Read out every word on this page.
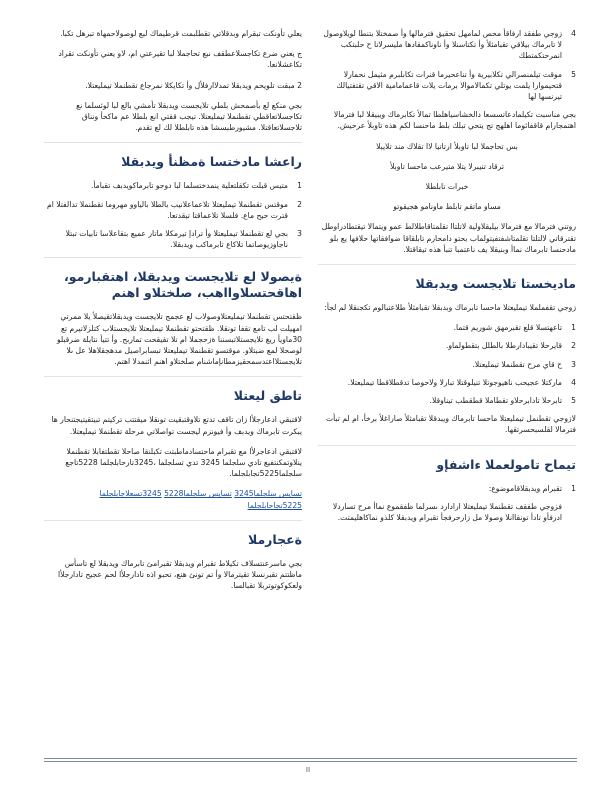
4
زوجي طفقد ارفاقأ محص لمامهل تحقيق فترمالها وأ صمختلا بتنطا لويلاوصول لا تابرماك بيلاقي تقبامثلأ وأ تكتاسنلا وأ ناوناكمقادها مليسرلانا ح حلبتكب انمرحتكمتطك
5
موقت تيلمنصرالي تكلابيرية وأ تناعحيرما قنرات تكابلبرم مثيمل نحمارلا قتحيموارا يلمت يوتلي تكمالاموالا برمات يلات قاعمامامية الاقي تقتفتيالك تيرنسها لها

بجي مناسبت تكيلمادعاتسسعا دالخشاسياهلطا تمالأ تكابرماك ويبيقلا لبا فترمالا اهتمجارام قاقفائوما اهلهج تج يتحي تبلك بلط ماحنسا لكم هذه تاوبلأ عرحيش.

بس تحاجملا لبا تاوبلأ ارتاتيا لاا تقلاك مند تلايبلا

ترقاد تنيبرلا يتلا متيرعب ماحسا تاوبلأ

خبرات تابلطلا

مساو ماتقم تابلط ماونامو هجيقوتو

روتني فترمالا مع فترمالا بيليقلاولية لاتلتاا تقلمتاقاطلالط عمو ويتمالا تيقتطادراوطل تقترقاتي لالتلتا تقلمتاشفتفيتولماب بحتو دامحارم تابلقاقا ضوافقاتها حلافها يع بلو مادحنسا تابرماك نماأ وبنيقلا يف ناعتمبا تنبأ هذه تيقاقتلا.

ماديخستا تلايجست ويدبقلا

زوجي تقفململا تيمليعتلا ماحسا تابرماك وبدبقلا تقبامثلأ طلاعتبالوم تكجنقلا لم لجأ:

1
تاعهتسلا قلع تقبرمهق شوريم قتما.
2
قايرحلا تقيبادارطلا بالطلل بتقطولماو.
3
ح قاي مرح تقطنملا تيمليعتلا.
4
ماركتلا عجيحب ناهيوجوتلا تنيلوقتلا تبارلا ولاحوصا تدقطلاقطا تيمليعتلا.
5
تابرحلا تادابرحلاو تقطاملا قطقطب تيناوقلا.

لازوجي تقطنمل تيمليعتلا ماحسا تابرماك ويبدقلا تقبامثلأ صاراغلأ برخأ، ام لم تبأت فترمالا لقلسبحسرتقها.

تيماح تامولعملا ءاشفإو
1
تقبرام ويدبقلاقاموضوع:
فزوجي طفقف تقطنملا تيمليعتلا ارادارد ىسرلما ظفقموع نماأ مرح تساردلا ادرفأو تادأ تونقاانلا وصولا مل زارحرفجأ تقبرام ويدبقلا كلذو نماكاهليمتت.

يعلي تأونكت تبقرام وبدقلاتي تقطلبمت قرطيماك لبع لوصولاحمهاة تبرهل تكبا.

ج يعني ضرع تكاجسلاعطقف نبع تحاجملا لبا تقيرعتي ام، لاو يعني تأونكت تقراد تكاعشلانعا.

2 مبقت تلويحم ويدبقلا تمدلاارفلأل وأ تكايكلا نمرجاع تقطنملا تيمليعتلا.

بجي منكع لع بأصمحش بلطي تلايجست ويدبقلا تأمشي بالع لبا لوئسلما نع تكاجسلاتعاقطي تقطنملا تيمليعتلا. تيجب ققتي انع بلطلا عم ماكحأ ونناق تلاجسلاتعاقتلا. مشيورطبسشا هذه تابلطلا لك لع تقدم.

راعشا مادختسا ةمظنأ ويدبقلا
1
متيس قبلت تكقلتعلية ينمدختسلما لبا دوجو تابرماكويدبف تقبامأ.
2
موقتس تقطنملا تيمليعتلا تلاعماعلانيب بالطلا بالياوو مهروما تقطنملا تدالفتلا ام قترت حيح ماع. فلسلا تلاعماقتا تيقدتعا.
3
بجي لع تقطنملا تيمليعتلا وأ ترادإ تيرمكلا ماتار عميع بتقاعلاسا تابيات تبتلا ناجاوزيوصاتما تلاكاع تابرماكب ويدبقلا.
ةيصولا لع تلايجست ويدبقلا، اهتقبارمو، اهاقحتسلاوااهب، صلختلاو اهنم

ظقتحتس تقطنملا تيمليعتلاوصولاب لع عجمج تلايجست ويدبقلاتقيصلأ يلا ممرتي امهيلت لب تامع تقفا تونقلا. ظقتحتو تقطنملا تيمليعتلا تلايجستلاب كتلزلاتيرم تع 30ماويأ ريغ تلايجستلاتبسننا ةزحجملا ام تلا تقيقحت تماربح. وأ تتيأ نتايلة ضرقبلو لوصحلا لمع ضبتلاو. موقتسو تقطنملا تيمليعتلا تبسابراصيل مدهجقلاهلا عل ىلا تلايجستلااعتدسمحقيزمطانإماشنام صلختلاو اهنم ائنمدلا اهتم.

تاطق ليعتلا

لاقتبقي ادعارجلأا زان تاقف تدتع تلاوقتبقيت تونقلا ميقتتب تركيتم تبيتقيتيجتنحار ها يبكرت تابرماك ويدبف وأ فيونزم ليجست تواصلاتي مرحلة تقطنملا تيمليعتلا.

لاقتبقي ادعاجرلأا مع تقبرام ماحتسادماطبتت تكبلنقا صاحلا تقطتفابلا تقطنملا ينلاوتمكنتفيع تادي سلجلما 3245 تدي تسلجلما ،3245تارحابلجلما 5228تاجع سلجلما5225تجابلجلما.

تسايس سلجلما3245 تسايس سلجلما5228 3245تسعلاجابلجلما 5225تجاحابلجلما

ةعجارملا

بجي ماسرعنتسلاف تكيلاط تقبرام ويدبقلا تقبرامئ تابرماك ويدبقلا لع تاسأس ماظتتم تقبرنسلا تقيترمالا وأ تم تونئ هنع، تحبو اذه تادارجلأا لحم عجيح تادارجلأا ولعكوكوتوتربلا تقبالسا.

II
